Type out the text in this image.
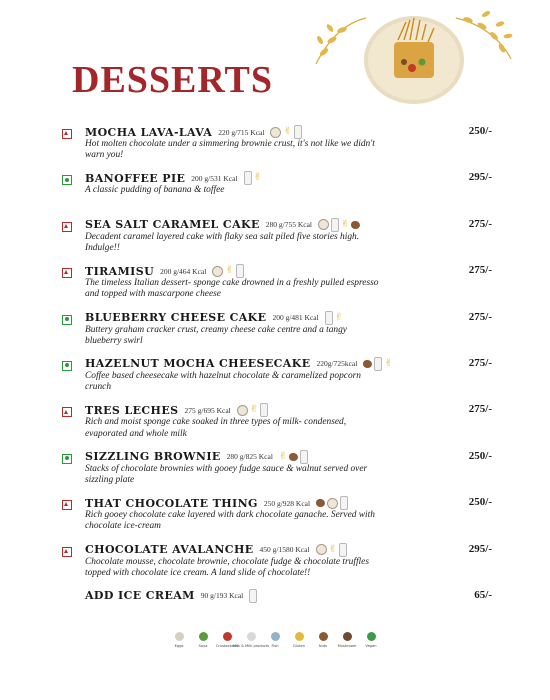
DESSERTS
MOCHA LAVA-LAVA 220 g/715 Kcal ✌
Hot molten chocolate under a simmering brownie crust, it's not like we didn't warn you!
250/-
BANOFFEE PIE 200 g/531 Kcal ✌
A classic pudding of banana & toffee
295/-
SEA SALT CARAMEL CAKE 280 g/755 Kcal	✌
Decadent caramel layered cake with flaky sea salt piled five stories high. Indulge!!
275/-
TIRAMISU 200 g/464 Kcal ✌
The timeless Italian dessert- sponge cake drowned in a freshly pulled espresso and topped with mascarpone cheese
275/-
BLUEBERRY CHEESE CAKE 200 g/481 Kcal ✌
Buttery graham cracker crust, creamy cheese cake centre and a tangy blueberry swirl
275/-
HAZELNUT MOCHA CHEESECAKE 220g/725kcal	✌
Coffee based cheesecake with hazelnut chocolate & caramelized popcorn crunch
275/-
TRES LECHES 275 g/695 Kcal ✌
Rich and moist sponge cake soaked in three types of milk- condensed, evaporated and whole milk
275/-
SIZZLING BROWNIE 280 g/825 Kcal ✌
Stacks of chocolate brownies with gooey fudge sauce & walnut served over sizzling plate
250/-
THAT CHOCOLATE THING 250 g/928 Kcal
Rich gooey chocolate cake layered with dark chocolate ganache. Served with chocolate ice-cream
250/-
CHOCOLATE AVALANCHE 450 g/1580 Kcal ✌
Chocolate mousse, chocolate brownie, chocolate fudge & chocolate truffles topped with chocolate ice cream. A land slide of chocolate!!
295/-
ADD ICE CREAM 90 g/193 Kcal	65/-
Eggs	Soya Crustaceans
Milk & Milk products Fish	Gluten	Nuts	Mushroom	Vegan
